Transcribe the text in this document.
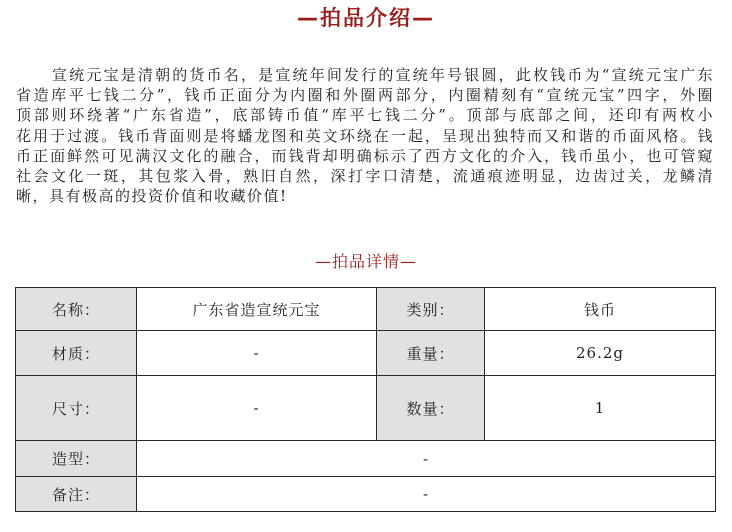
—拍品介绍—
宣统元宝是清朝的货币名，是宣统年间发行的宣统年号银圆，此枚钱币为“宣统元宝广东
省造库平七钱二分”，钱币正面分为内圈和外圈两部分，内圈精刻有“宣统元宝”四字，外圈
顶部则环绕著“广东省造”，底部铸币值“库平七钱二分”。顶部与底部之间，还印有两枚小
花用于过渡。钱币背面则是将蟠龙图和英文环绕在一起，呈现出独特而又和谐的币面风格。钱
币正面鲜然可见满汉文化的融合，而钱背却明确标示了西方文化的介入，钱币虽小，也可管窥
社会文化一斑，其包浆入骨，熟旧自然，深打字口清楚，流通痕迹明显，边齿过关，龙鳞清
晰，具有极高的投资价值和收藏价值!
—拍品详情—
名称：	广东省造宣统元宝	类别：	钱币
材质：	-	重量：	26.2g
尺寸：	-	数量：	1
造型：	-		
备注：	-		
